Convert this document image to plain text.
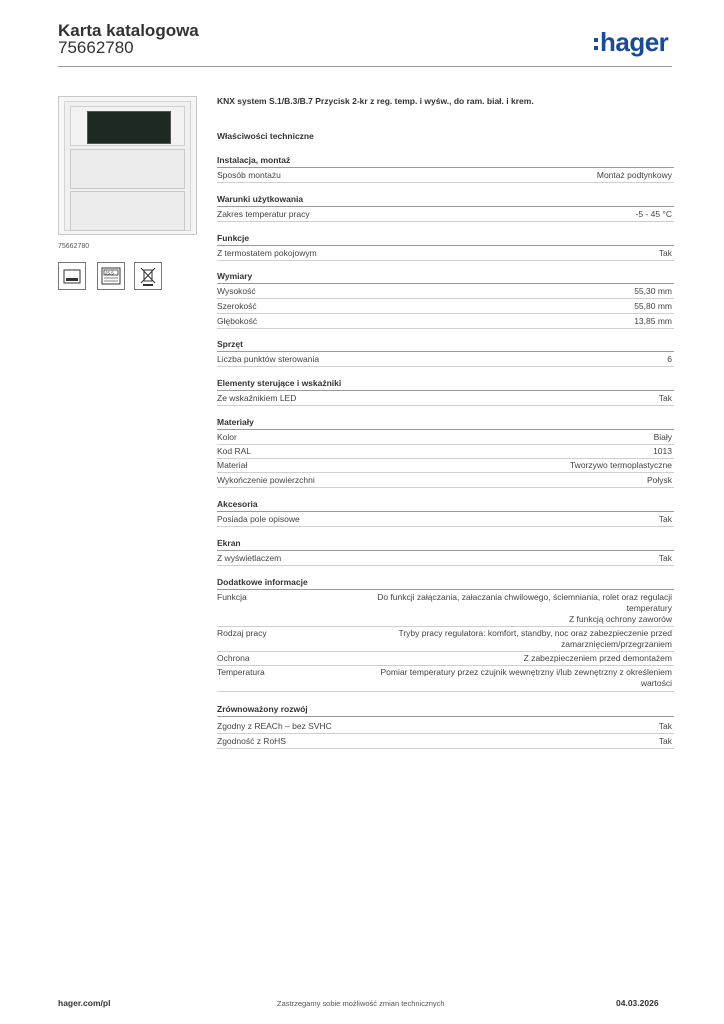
Karta katalogowa
75662780	hager
75662780
25.5
KNX system S.1/B.3/B.7 Przycisk 2-kr z reg. temp. i wyśw., do ram. biał. i krem.
Właściwości techniczne
Instalacja, montaż
Sposób montażu	Montaż podtynkowy
Warunki użytkowania
Zakres temperatur pracy	-5 - 45 °C
Funkcje
Z termostatem pokojowym	Tak
Wymiary
Wysokość	55,30 mm
Szerokość	55,80 mm
Głębokość	13,85 mm
Sprzęt
Liczba punktów sterowania	6
Elementy sterujące i wskaźniki
Ze wskaźnikiem LED	Tak
Materiały
Kolor	Biały
Kod RAL	1013
Materiał	Tworzywo termoplastyczne
Wykończenie powierzchni	Połysk
Akcesoria
Posiada pole opisowe	Tak
Ekran
Z wyświetlaczem	Tak
Dodatkowe informacje
Funkcja	Do funkcji załączania, załaczania chwilowego, ściemniania, rolet oraz regulacji
temperatury
Z funkcją ochrony zaworów
Rodzaj pracy	Tryby pracy regulatora: komfort, standby, noc oraz zabezpieczenie przed
zamarznięciem/przegrzaniem
Ochrona	Z zabezpieczeniem przed demontażem
Temperatura	Pomiar temperatury przez czujnik wewnętrzny i/lub zewnętrzny z określeniem
wartości
Zrównoważony rozwój
Zgodny z REACh – bez SVHC	Tak
Zgodność z RoHS	Tak
hager.com/pl	Zastrzegamy sobie możliwość zmian technicznych	04.03.2026
